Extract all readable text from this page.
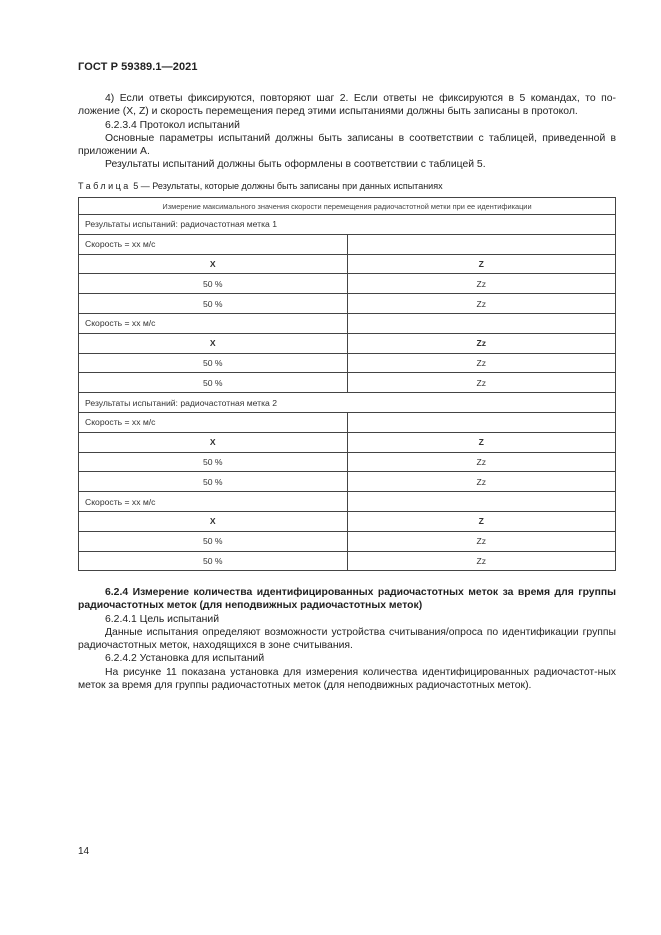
ГОСТ Р 59389.1—2021

4) Если ответы фиксируются, повторяют шаг 2. Если ответы не фиксируются в 5 командах, то по-ложение (X, Z) и скорость перемещения перед этими испытаниями должны быть записаны в протокол.

6.2.3.4 Протокол испытаний

Основные параметры испытаний должны быть записаны в соответствии с таблицей, приведенной в приложении А.

Результаты испытаний должны быть оформлены в соответствии с таблицей 5.

Таблица 5 — Результаты, которые должны быть записаны при данных испытаниях
Измерение максимального значения скорости перемещения радиочастотной метки при ее идентификации	
Результаты испытаний: радиочастотная метка 1	
Скорость = хх м/с	
X	Z
50 %	Zz
50 %	Zz
Скорость = хх м/с	
X	Zz
50 %	Zz
50 %	Zz
Результаты испытаний: радиочастотная метка 2	
Скорость = хх м/с	
X	Z
50 %	Zz
50 %	Zz
Скорость = хх м/с	
X	Z
50 %	Zz
50 %	Zz

6.2.4 Измерение количества идентифицированных радиочастотных меток за время для группы радиочастотных меток (для неподвижных радиочастотных меток)

6.2.4.1 Цель испытаний

Данные испытания определяют возможности устройства считывания/опроса по идентификации группы радиочастотных меток, находящихся в зоне считывания.

6.2.4.2 Установка для испытаний

На рисунке 11 показана установка для измерения количества идентифицированных радиочастот-ных меток за время для группы радиочастотных меток (для неподвижных радиочастотных меток).

14
